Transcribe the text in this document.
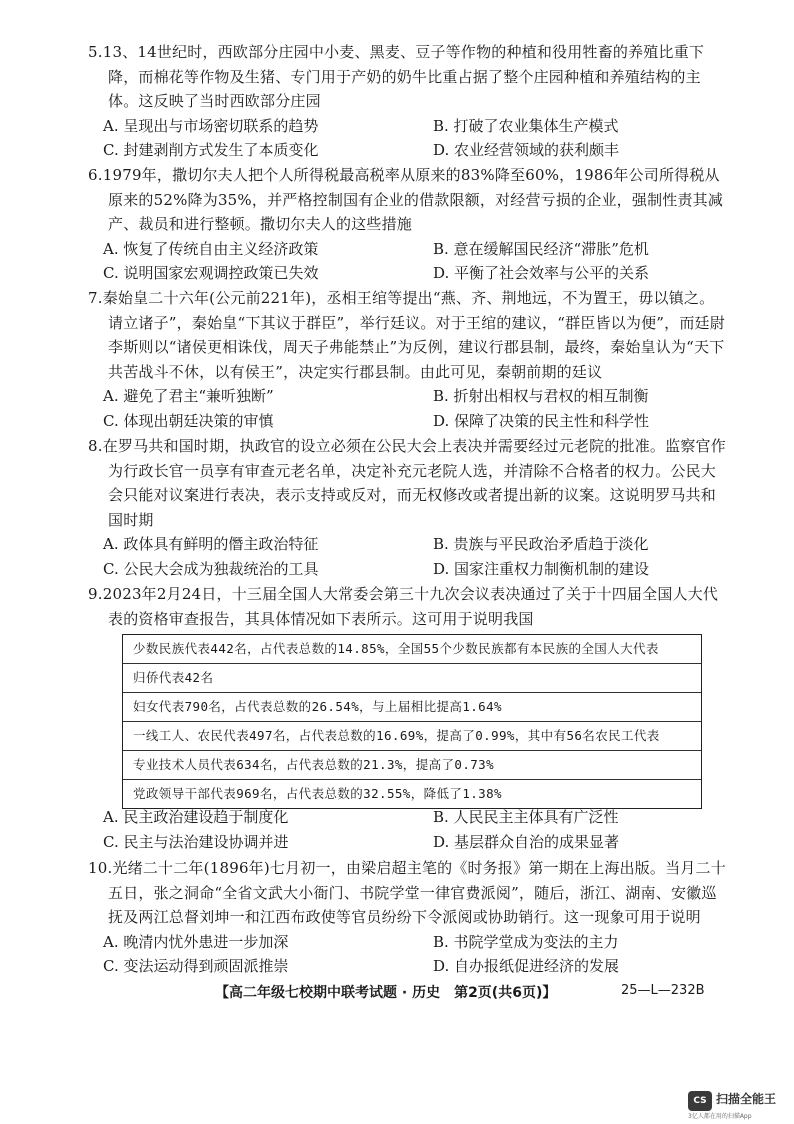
5.13、14世纪时，西欧部分庄园中小麦、黑麦、豆子等作物的种植和役用牲畜的养殖比重下降，而棉花等作物及生猪、专门用于产奶的奶牛比重占据了整个庄园种植和养殖结构的主体。这反映了当时西欧部分庄园

A. 呈现出与市场密切联系的趋势	B. 打破了农业集体生产模式
C. 封建剥削方式发生了本质变化	D. 农业经营领域的获利颇丰

6.1979年，撒切尔夫人把个人所得税最高税率从原来的83%降至60%，1986年公司所得税从原来的52%降为35%，并严格控制国有企业的借款限额，对经营亏损的企业，强制性责其减产、裁员和进行整顿。撒切尔夫人的这些措施

A. 恢复了传统自由主义经济政策	B. 意在缓解国民经济“滞胀”危机
C. 说明国家宏观调控政策已失效	D. 平衡了社会效率与公平的关系

7.秦始皇二十六年(公元前221年)，丞相王绾等提出“燕、齐、荆地远，不为置王，毋以镇之。请立诸子”，秦始皇“下其议于群臣”，举行廷议。对于王绾的建议，“群臣皆以为便”，而廷尉李斯则以“诸侯更相诛伐，周天子弗能禁止”为反例，建议行郡县制，最终，秦始皇认为“天下共苦战斗不休，以有侯王”，决定实行郡县制。由此可见，秦朝前期的廷议

A. 避免了君主“兼听独断”	B. 折射出相权与君权的相互制衡
C. 体现出朝廷决策的审慎	D. 保障了决策的民主性和科学性

8.在罗马共和国时期，执政官的设立必须在公民大会上表决并需要经过元老院的批准。监察官作为行政长官一员享有审查元老名单，决定补充元老院人选，并清除不合格者的权力。公民大会只能对议案进行表决，表示支持或反对，而无权修改或者提出新的议案。这说明罗马共和国时期

A. 政体具有鲜明的僭主政治特征	B. 贵族与平民政治矛盾趋于淡化
C. 公民大会成为独裁统治的工具	D. 国家注重权力制衡机制的建设

9.2023年2月24日，十三届全国人大常委会第三十九次会议表决通过了关于十四届全国人大代表的资格审查报告，其具体情况如下表所示。这可用于说明我国

少数民族代表442名，占代表总数的14.85%，全国55个少数民族都有本民族的全国人大代表
归侨代表42名
妇女代表790名，占代表总数的26.54%，与上届相比提高1.64%
一线工人、农民代表497名，占代表总数的16.69%，提高了0.99%，其中有56名农民工代表
专业技术人员代表634名，占代表总数的21.3%，提高了0.73%
党政领导干部代表969名，占代表总数的32.55%，降低了1.38%
A. 民主政治建设趋于制度化	B. 人民民主主体具有广泛性
C. 民主与法治建设协调并进	D. 基层群众自治的成果显著

10.光绪二十二年(1896年)七月初一，由梁启超主笔的《时务报》第一期在上海出版。当月二十五日，张之洞命“全省文武大小衙门、书院学堂一律官费派阅”，随后，浙江、湖南、安徽巡抚及两江总督刘坤一和江西布政使等官员纷纷下令派阅或协助销行。这一现象可用于说明

A. 晚清内忧外患进一步加深	B. 书院学堂成为变法的主力
C. 变法运动得到顽固派推崇	D. 自办报纸促进经济的发展
【高二年级七校期中联考试题 · 历史　第2页(共6页)】	25—L—232B
CS 扫描全能王
3亿人都在用的扫描App
